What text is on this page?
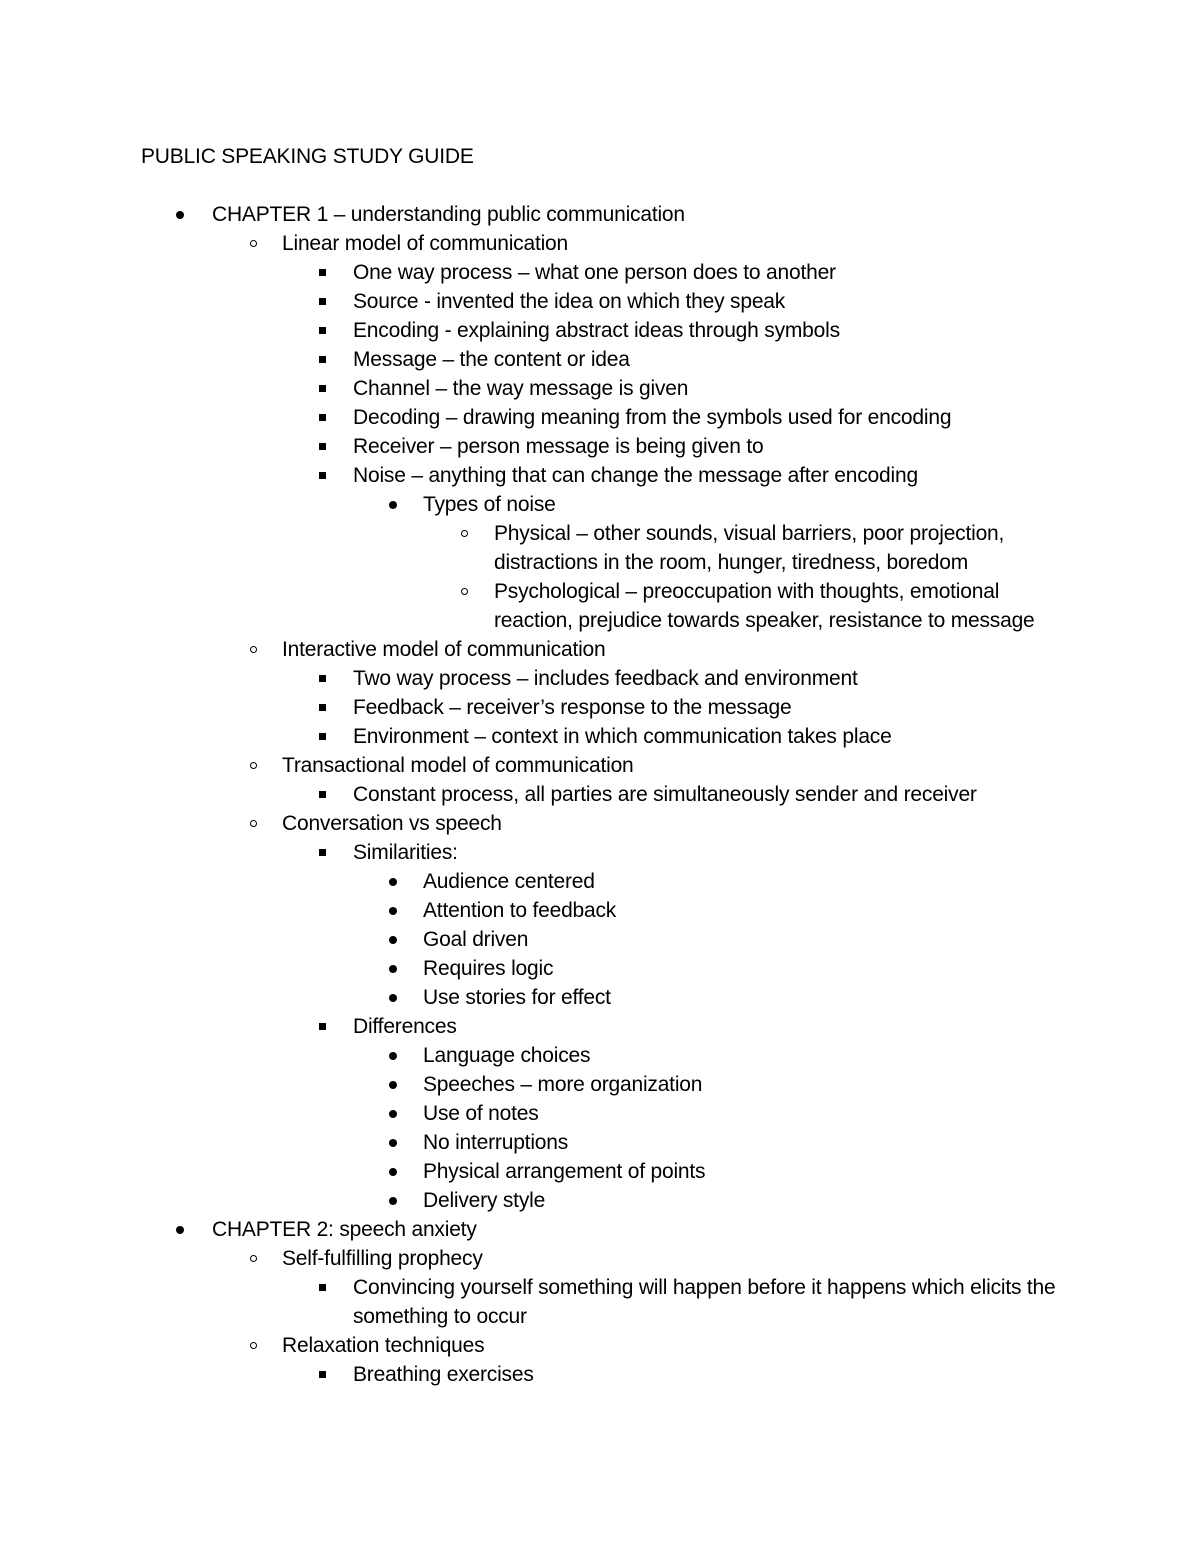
PUBLIC SPEAKING STUDY GUIDE
CHAPTER 1 – understanding public communication
Linear model of communication
One way process – what one person does to another
Source - invented the idea on which they speak
Encoding - explaining abstract ideas through symbols
Message – the content or idea
Channel – the way message is given
Decoding – drawing meaning from the symbols used for encoding
Receiver – person message is being given to
Noise – anything that can change the message after encoding
Types of noise
Physical – other sounds, visual barriers, poor projection, distractions in the room, hunger, tiredness, boredom
Psychological – preoccupation with thoughts, emotional reaction, prejudice towards speaker, resistance to message
Interactive model of communication
Two way process – includes feedback and environment
Feedback – receiver’s response to the message
Environment – context in which communication takes place
Transactional model of communication
Constant process, all parties are simultaneously sender and receiver
Conversation vs speech
Similarities:
Audience centered
Attention to feedback
Goal driven
Requires logic
Use stories for effect
Differences
Language choices
Speeches – more organization
Use of notes
No interruptions
Physical arrangement of points
Delivery style
CHAPTER 2: speech anxiety
Self-fulfilling prophecy
Convincing yourself something will happen before it happens which elicits the something to occur
Relaxation techniques
Breathing exercises
